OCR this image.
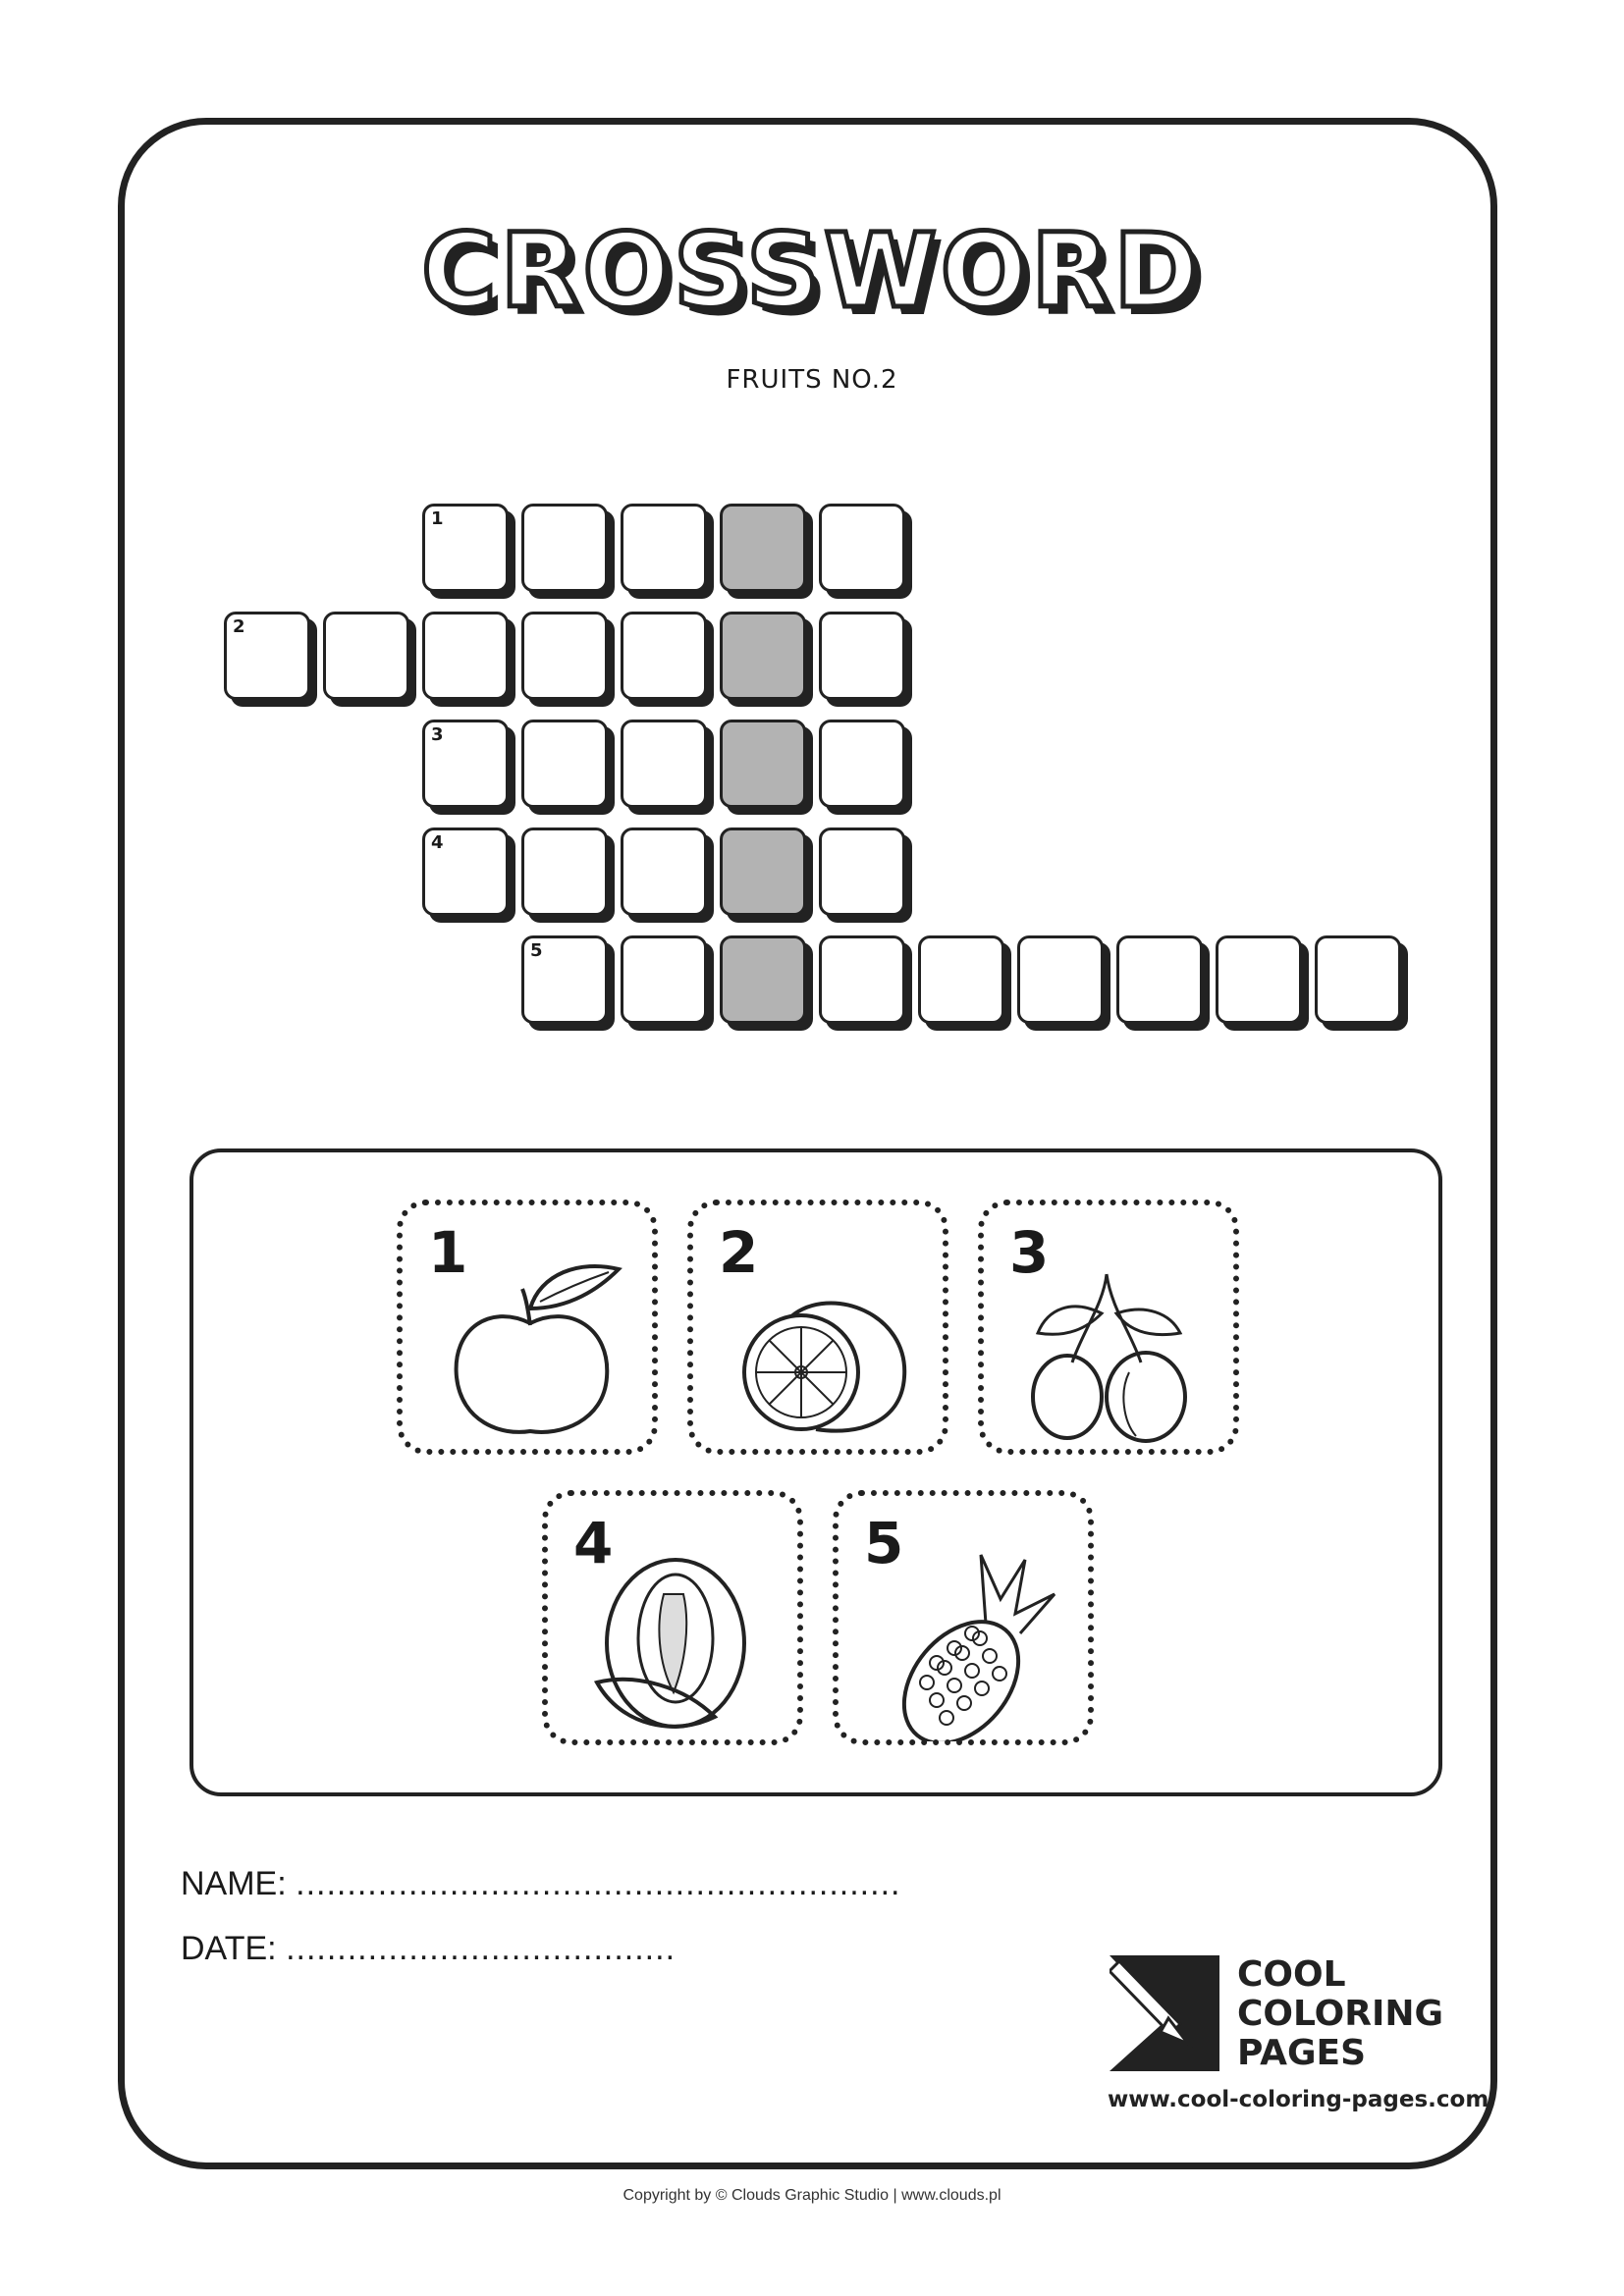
CROSSWORD
FRUITS NO.2
1
2
3
4
5
1	2	3
4	5
NAME: ...........................................................
DATE: ......................................
COOL
COLORING
PAGES
www.cool-coloring-pages.com
Copyright by © Clouds Graphic Studio | www.clouds.pl
